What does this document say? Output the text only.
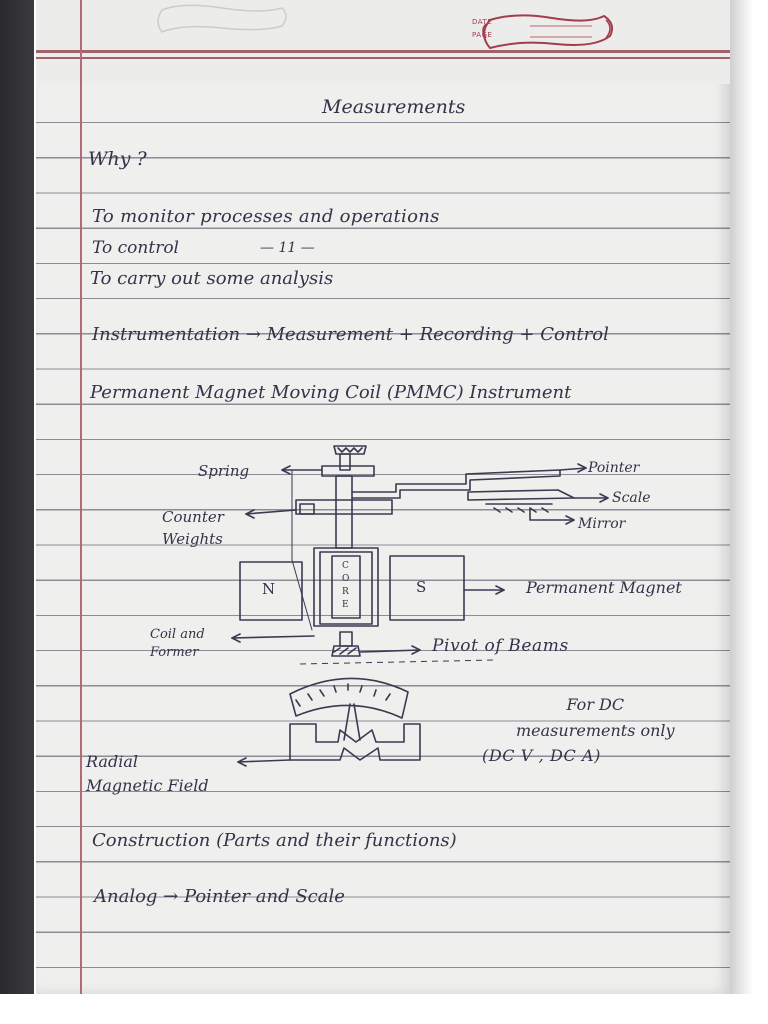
DATE
PAGE
Measurements
Why ?
To monitor processes and operations
To control	— 11 —
To carry out some analysis
Instrumentation → Measurement + Recording + Control
Permanent Magnet Moving Coil (PMMC) Instrument
Spring
Counter
Weights
Pointer
Scale
Mirror
N	S
CORE
Permanent Magnet
Coil and
Former	Pivot of Beams
For DC
measurements only
(DC V , DC A)
Radial
Magnetic Field
Construction (Parts and their functions)
Analog → Pointer and Scale
